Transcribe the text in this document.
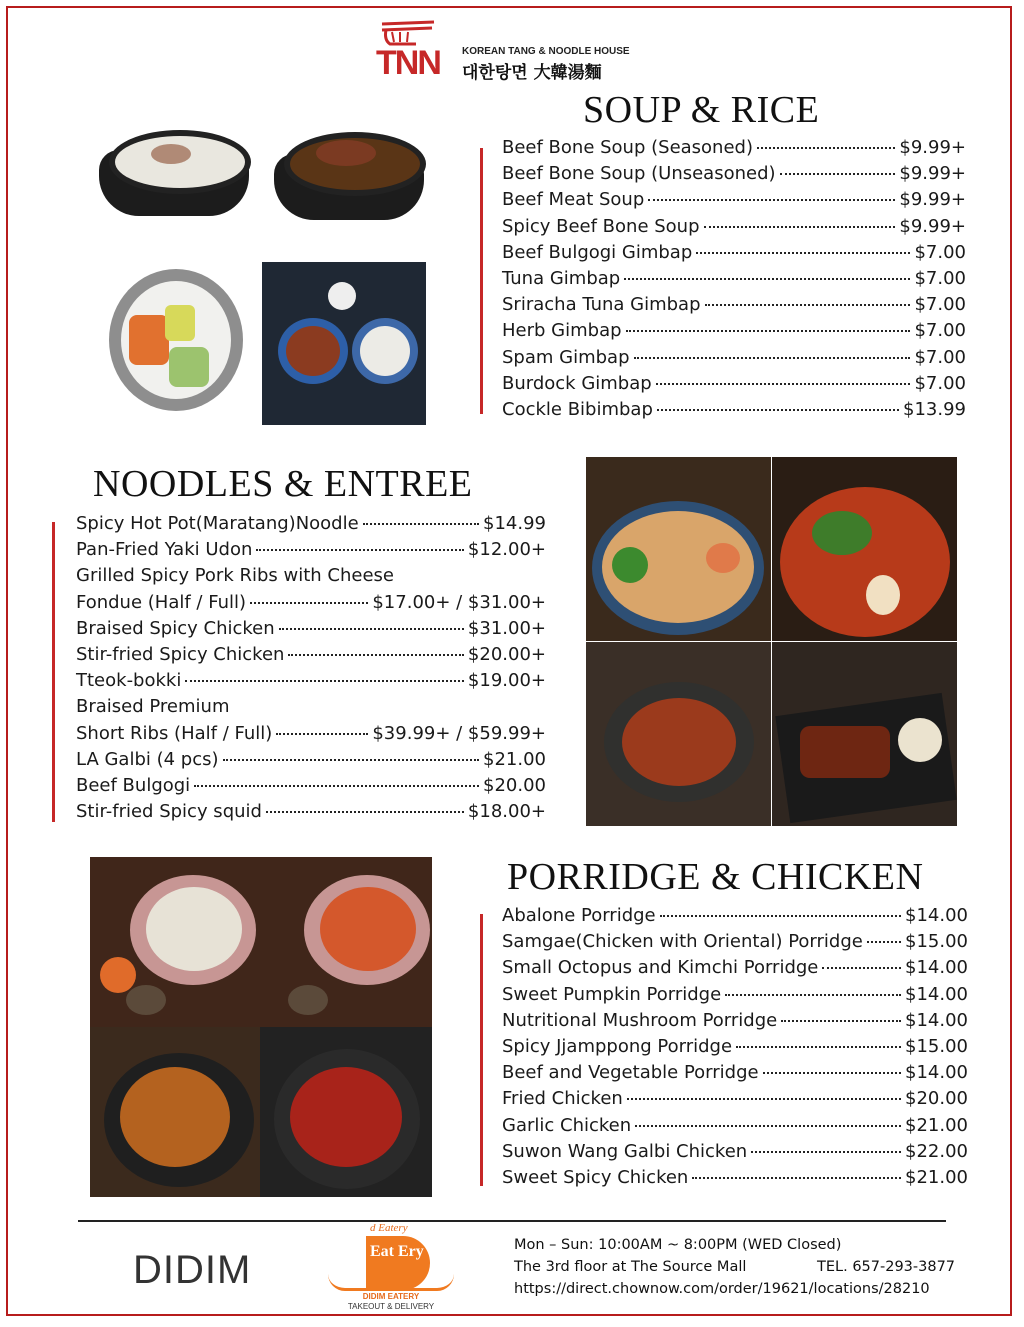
TNN KOREAN TANG & NOODLE HOUSE
대한탕면 大韓湯麵
SOUP & RICE
Beef Bone Soup (Seasoned)	$9.99+
Beef Bone Soup (Unseasoned)	$9.99+
Beef Meat Soup	$9.99+
Spicy Beef Bone Soup	$9.99+
Beef Bulgogi Gimbap	$7.00
Tuna Gimbap	$7.00
Sriracha Tuna Gimbap	$7.00
Herb Gimbap	$7.00
Spam Gimbap	$7.00
Burdock Gimbap	$7.00
Cockle Bibimbap	$13.99
NOODLES & ENTREE
Spicy Hot Pot(Maratang)Noodle	$14.99
Pan-Fried Yaki Udon	$12.00+
Grilled Spicy Pork Ribs with Cheese
Fondue (Half / Full)	$17.00+ / $31.00+
Braised Spicy Chicken	$31.00+
Stir-fried Spicy Chicken	$20.00+
Tteok-bokki	$19.00+
Braised Premium
Short Ribs (Half / Full)	$39.99+ / $59.99+
LA Galbi (4 pcs)	$21.00
Beef Bulgogi	$20.00
Stir-fried Spicy squid	$18.00+
PORRIDGE & CHICKEN
Abalone Porridge	$14.00
Samgae(Chicken with Oriental) Porridge $15.00
Small Octopus and Kimchi Porridge	$14.00
Sweet Pumpkin Porridge	$14.00
Nutritional Mushroom Porridge	$14.00
Spicy Jjamppong Porridge	$15.00
Beef and Vegetable Porridge	$14.00
Fried Chicken	$20.00
Garlic Chicken	$21.00
Suwon Wang Galbi Chicken	$22.00
Sweet Spicy Chicken	$21.00
DIDIM
d Eatery
Eat Ery
DIDIM EATERY
TAKEOUT & DELIVERY
Mon – Sun: 10:00AM ~ 8:00PM (WED Closed)
The 3rd floor at The Source Mall	TEL. 657-293-3877
https://direct.chownow.com/order/19621/locations/28210
